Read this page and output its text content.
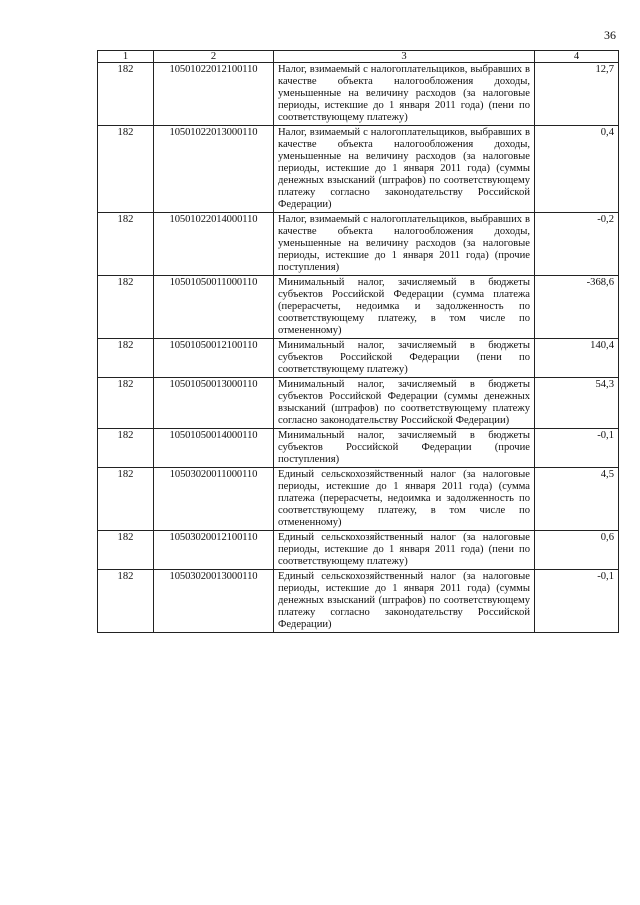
36
1	2	3	4
182	10501022012100110	Налог, взимаемый с налогоплательщиков, выбравших в качестве объекта налогообложения доходы, уменьшенные на величину расходов (за налоговые периоды, истекшие до 1 января 2011 года) (пени по соответствующему платежу)	12,7
182	10501022013000110	Налог, взимаемый с налогоплательщиков, выбравших в качестве объекта налогообложения доходы, уменьшенные на величину расходов (за налоговые периоды, истекшие до 1 января 2011 года) (суммы денежных взысканий (штрафов) по соответствующему платежу согласно законодательству Российской Федерации)	0,4
182	10501022014000110	Налог, взимаемый с налогоплательщиков, выбравших в качестве объекта налогообложения доходы, уменьшенные на величину расходов (за налоговые периоды, истекшие до 1 января 2011 года) (прочие поступления)	-0,2
182	10501050011000110	Минимальный налог, зачисляемый в бюджеты субъектов Российской Федерации (сумма платежа (перерасчеты, недоимка и задолженность по соответствующему платежу, в том числе по отмененному)	-368,6
182	10501050012100110	Минимальный налог, зачисляемый в бюджеты субъектов Российской Федерации (пени по соответствующему платежу)	140,4
182	10501050013000110	Минимальный налог, зачисляемый в бюджеты субъектов Российской Федерации (суммы денежных взысканий (штрафов) по соответствующему платежу согласно законодательству Российской Федерации)	54,3
182	10501050014000110	Минимальный налог, зачисляемый в бюджеты субъектов Российской Федерации (прочие поступления)	-0,1
182	10503020011000110	Единый сельскохозяйственный налог (за налоговые периоды, истекшие до 1 января 2011 года) (сумма платежа (перерасчеты, недоимка и задолженность по соответствующему платежу, в том числе по отмененному)	4,5
182	10503020012100110	Единый сельскохозяйственный налог (за налоговые периоды, истекшие до 1 января 2011 года) (пени по соответствующему платежу)	0,6
182	10503020013000110	Единый сельскохозяйственный налог (за налоговые периоды, истекшие до 1 января 2011 года) (суммы денежных взысканий (штрафов) по соответствующему платежу согласно законодательству Российской Федерации)	-0,1
